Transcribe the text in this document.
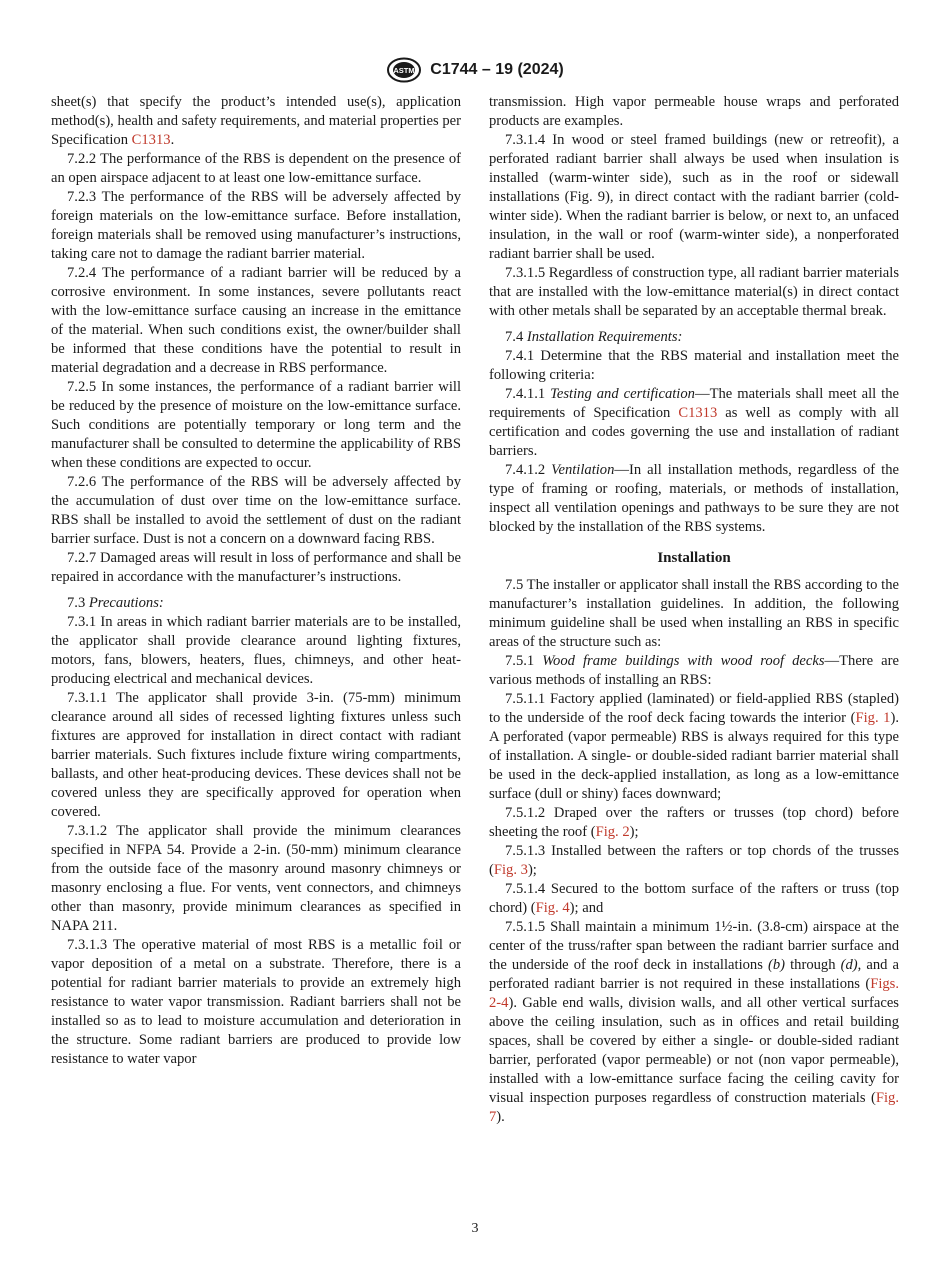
ASTM C1744 – 19 (2024)

sheet(s) that specify the product’s intended use(s), application method(s), health and safety requirements, and material properties per Specification C1313.

7.2.2 The performance of the RBS is dependent on the presence of an open airspace adjacent to at least one low-emittance surface.

7.2.3 The performance of the RBS will be adversely affected by foreign materials on the low-emittance surface. Before installation, foreign materials shall be removed using manufacturer’s instructions, taking care not to damage the radiant barrier material.

7.2.4 The performance of a radiant barrier will be reduced by a corrosive environment. In some instances, severe pollutants react with the low-emittance surface causing an increase in the emittance of the material. When such conditions exist, the owner/builder shall be informed that these conditions have the potential to result in material degradation and a decrease in RBS performance.

7.2.5 In some instances, the performance of a radiant barrier will be reduced by the presence of moisture on the low-emittance surface. Such conditions are potentially temporary or long term and the manufacturer shall be consulted to determine the applicability of RBS when these conditions are expected to occur.

7.2.6 The performance of the RBS will be adversely affected by the accumulation of dust over time on the low-emittance surface. RBS shall be installed to avoid the settlement of dust on the radiant barrier surface. Dust is not a concern on a downward facing RBS.

7.2.7 Damaged areas will result in loss of performance and shall be repaired in accordance with the manufacturer’s instructions.

7.3 Precautions:

7.3.1 In areas in which radiant barrier materials are to be installed, the applicator shall provide clearance around lighting fixtures, motors, fans, blowers, heaters, flues, chimneys, and other heat-producing electrical and mechanical devices.

7.3.1.1 The applicator shall provide 3-in. (75-mm) minimum clearance around all sides of recessed lighting fixtures unless such fixtures are approved for installation in direct contact with radiant barrier materials. Such fixtures include fixture wiring compartments, ballasts, and other heat-producing devices. These devices shall not be covered unless they are specifically approved for operation when covered.

7.3.1.2 The applicator shall provide the minimum clearances specified in NFPA 54. Provide a 2-in. (50-mm) minimum clearance from the outside face of the masonry around masonry chimneys or masonry enclosing a flue. For vents, vent connectors, and chimneys other than masonry, provide minimum clearances as specified in NAPA 211.

7.3.1.3 The operative material of most RBS is a metallic foil or vapor deposition of a metal on a substrate. Therefore, there is a potential for radiant barrier materials to provide an extremely high resistance to water vapor transmission. Radiant barriers shall not be installed so as to lead to moisture accumulation and deterioration in the structure. Some radiant barriers are produced to provide low resistance to water vapor

transmission. High vapor permeable house wraps and perforated products are examples.

7.3.1.4 In wood or steel framed buildings (new or retreofit), a perforated radiant barrier shall always be used when insulation is installed (warm-winter side), such as in the roof or sidewall installations (Fig. 9), in direct contact with the radiant barrier (cold-winter side). When the radiant barrier is below, or next to, an unfaced insulation, in the wall or roof (warm-winter side), a nonperforated radiant barrier shall be used.

7.3.1.5 Regardless of construction type, all radiant barrier materials that are installed with the low-emittance material(s) in direct contact with other metals shall be separated by an acceptable thermal break.

7.4 Installation Requirements:

7.4.1 Determine that the RBS material and installation meet the following criteria:

7.4.1.1 Testing and certification—The materials shall meet all the requirements of Specification C1313 as well as comply with all certification and codes governing the use and installation of radiant barriers.

7.4.1.2 Ventilation—In all installation methods, regardless of the type of framing or roofing, materials, or methods of installation, inspect all ventilation openings and pathways to be sure they are not blocked by the installation of the RBS systems.

Installation

7.5 The installer or applicator shall install the RBS according to the manufacturer’s installation guidelines. In addition, the following minimum guideline shall be used when installing an RBS in specific areas of the structure such as:

7.5.1 Wood frame buildings with wood roof decks—There are various methods of installing an RBS:

7.5.1.1 Factory applied (laminated) or field-applied RBS (stapled) to the underside of the roof deck facing towards the interior (Fig. 1). A perforated (vapor permeable) RBS is always required for this type of installation. A single- or double-sided radiant barrier material shall be used in the deck-applied installation, as long as a low-emittance surface (dull or shiny) faces downward;

7.5.1.2 Draped over the rafters or trusses (top chord) before sheeting the roof (Fig. 2);

7.5.1.3 Installed between the rafters or top chords of the trusses (Fig. 3);

7.5.1.4 Secured to the bottom surface of the rafters or truss (top chord) (Fig. 4); and

7.5.1.5 Shall maintain a minimum 1½-in. (3.8-cm) airspace at the center of the truss/rafter span between the radiant barrier surface and the underside of the roof deck in installations (b) through (d), and a perforated radiant barrier is not required in these installations (Figs. 2-4). Gable end walls, division walls, and all other vertical surfaces above the ceiling insulation, such as in offices and retail building spaces, shall be covered by either a single- or double-sided radiant barrier, perforated (vapor permeable) or not (non vapor permeable), installed with a low-emittance surface facing the ceiling cavity for visual inspection purposes regardless of construction materials (Fig. 7).

3
